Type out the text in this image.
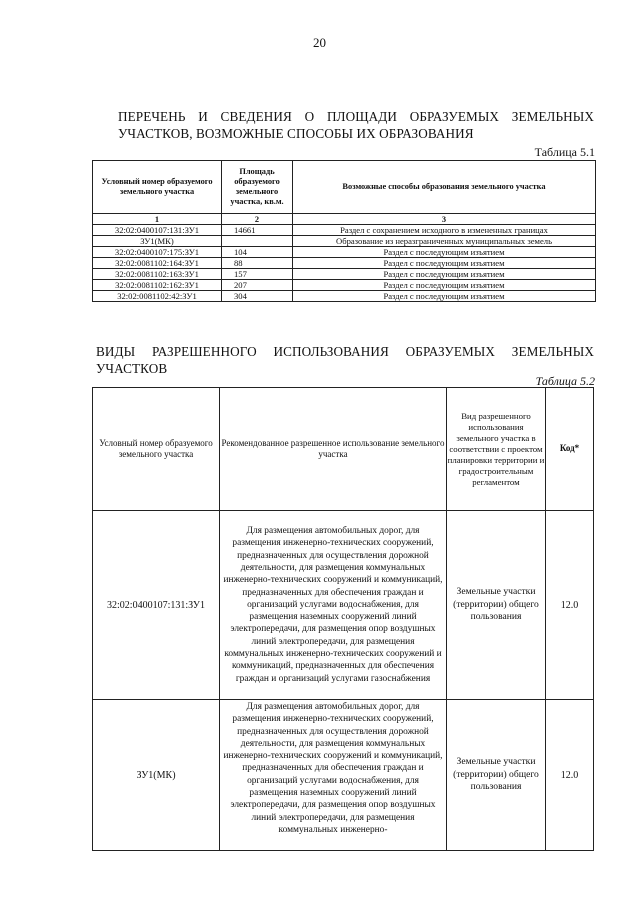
20
ПЕРЕЧЕНЬ И СВЕДЕНИЯ О ПЛОЩАДИ ОБРАЗУЕМЫХ ЗЕМЕЛЬНЫХ УЧАСТКОВ, ВОЗМОЖНЫЕ СПОСОБЫ ИХ ОБРАЗОВАНИЯ
Таблица 5.1
Условный номер образуемого земельного участка	Площадь образуемого земельного участка, кв.м.	Возможные способы образования земельного участка
1	2	3
32:02:0400107:131:ЗУ1	14661	Раздел с сохранением исходного в измененных границах
ЗУ1(МК)		Образование из неразграниченных муниципальных земель
32:02:0400107:175:ЗУ1	104	Раздел с последующим изъятием
32:02:0081102:164:ЗУ1	88	Раздел с последующим изъятием
32:02:0081102:163:ЗУ1	157	Раздел с последующим изъятием
32:02:0081102:162:ЗУ1	207	Раздел с последующим изъятием
32:02:0081102:42:ЗУ1	304	Раздел с последующим изъятием
ВИДЫ РАЗРЕШЕННОГО ИСПОЛЬЗОВАНИЯ ОБРАЗУЕМЫХ ЗЕМЕЛЬНЫХ УЧАСТКОВ
Таблица 5.2
Условный номер образуемого земельного участка	Рекомендованное разрешенное использование земельного участка	Вид разрешенного использования земельного участка в соответствии с проектом планировки территории и градостроительным регламентом	Код*
32:02:0400107:131:ЗУ1	Для размещения автомобильных дорог, для размещения инженерно-технических сооружений, предназначенных для осуществления дорожной деятельности, для размещения коммунальных инженерно-технических сооружений и коммуникаций, предназначенных для обеспечения граждан и организаций услугами водоснабжения, для размещения наземных сооружений линий электропередачи, для размещения опор воздушных линий электропередачи, для размещения коммунальных инженерно-технических сооружений и коммуникаций, предназначенных для обеспечения граждан и организаций услугами газоснабжения	Земельные участки (территории) общего пользования	12.0
ЗУ1(МК)	Для размещения автомобильных дорог, для размещения инженерно-технических сооружений, предназначенных для осуществления дорожной деятельности, для размещения коммунальных инженерно-технических сооружений и коммуникаций, предназначенных для обеспечения граждан и организаций услугами водоснабжения, для размещения наземных сооружений линий электропередачи, для размещения опор воздушных линий электропередачи, для размещения коммунальных инженерно-	Земельные участки (территории) общего пользования	12.0
